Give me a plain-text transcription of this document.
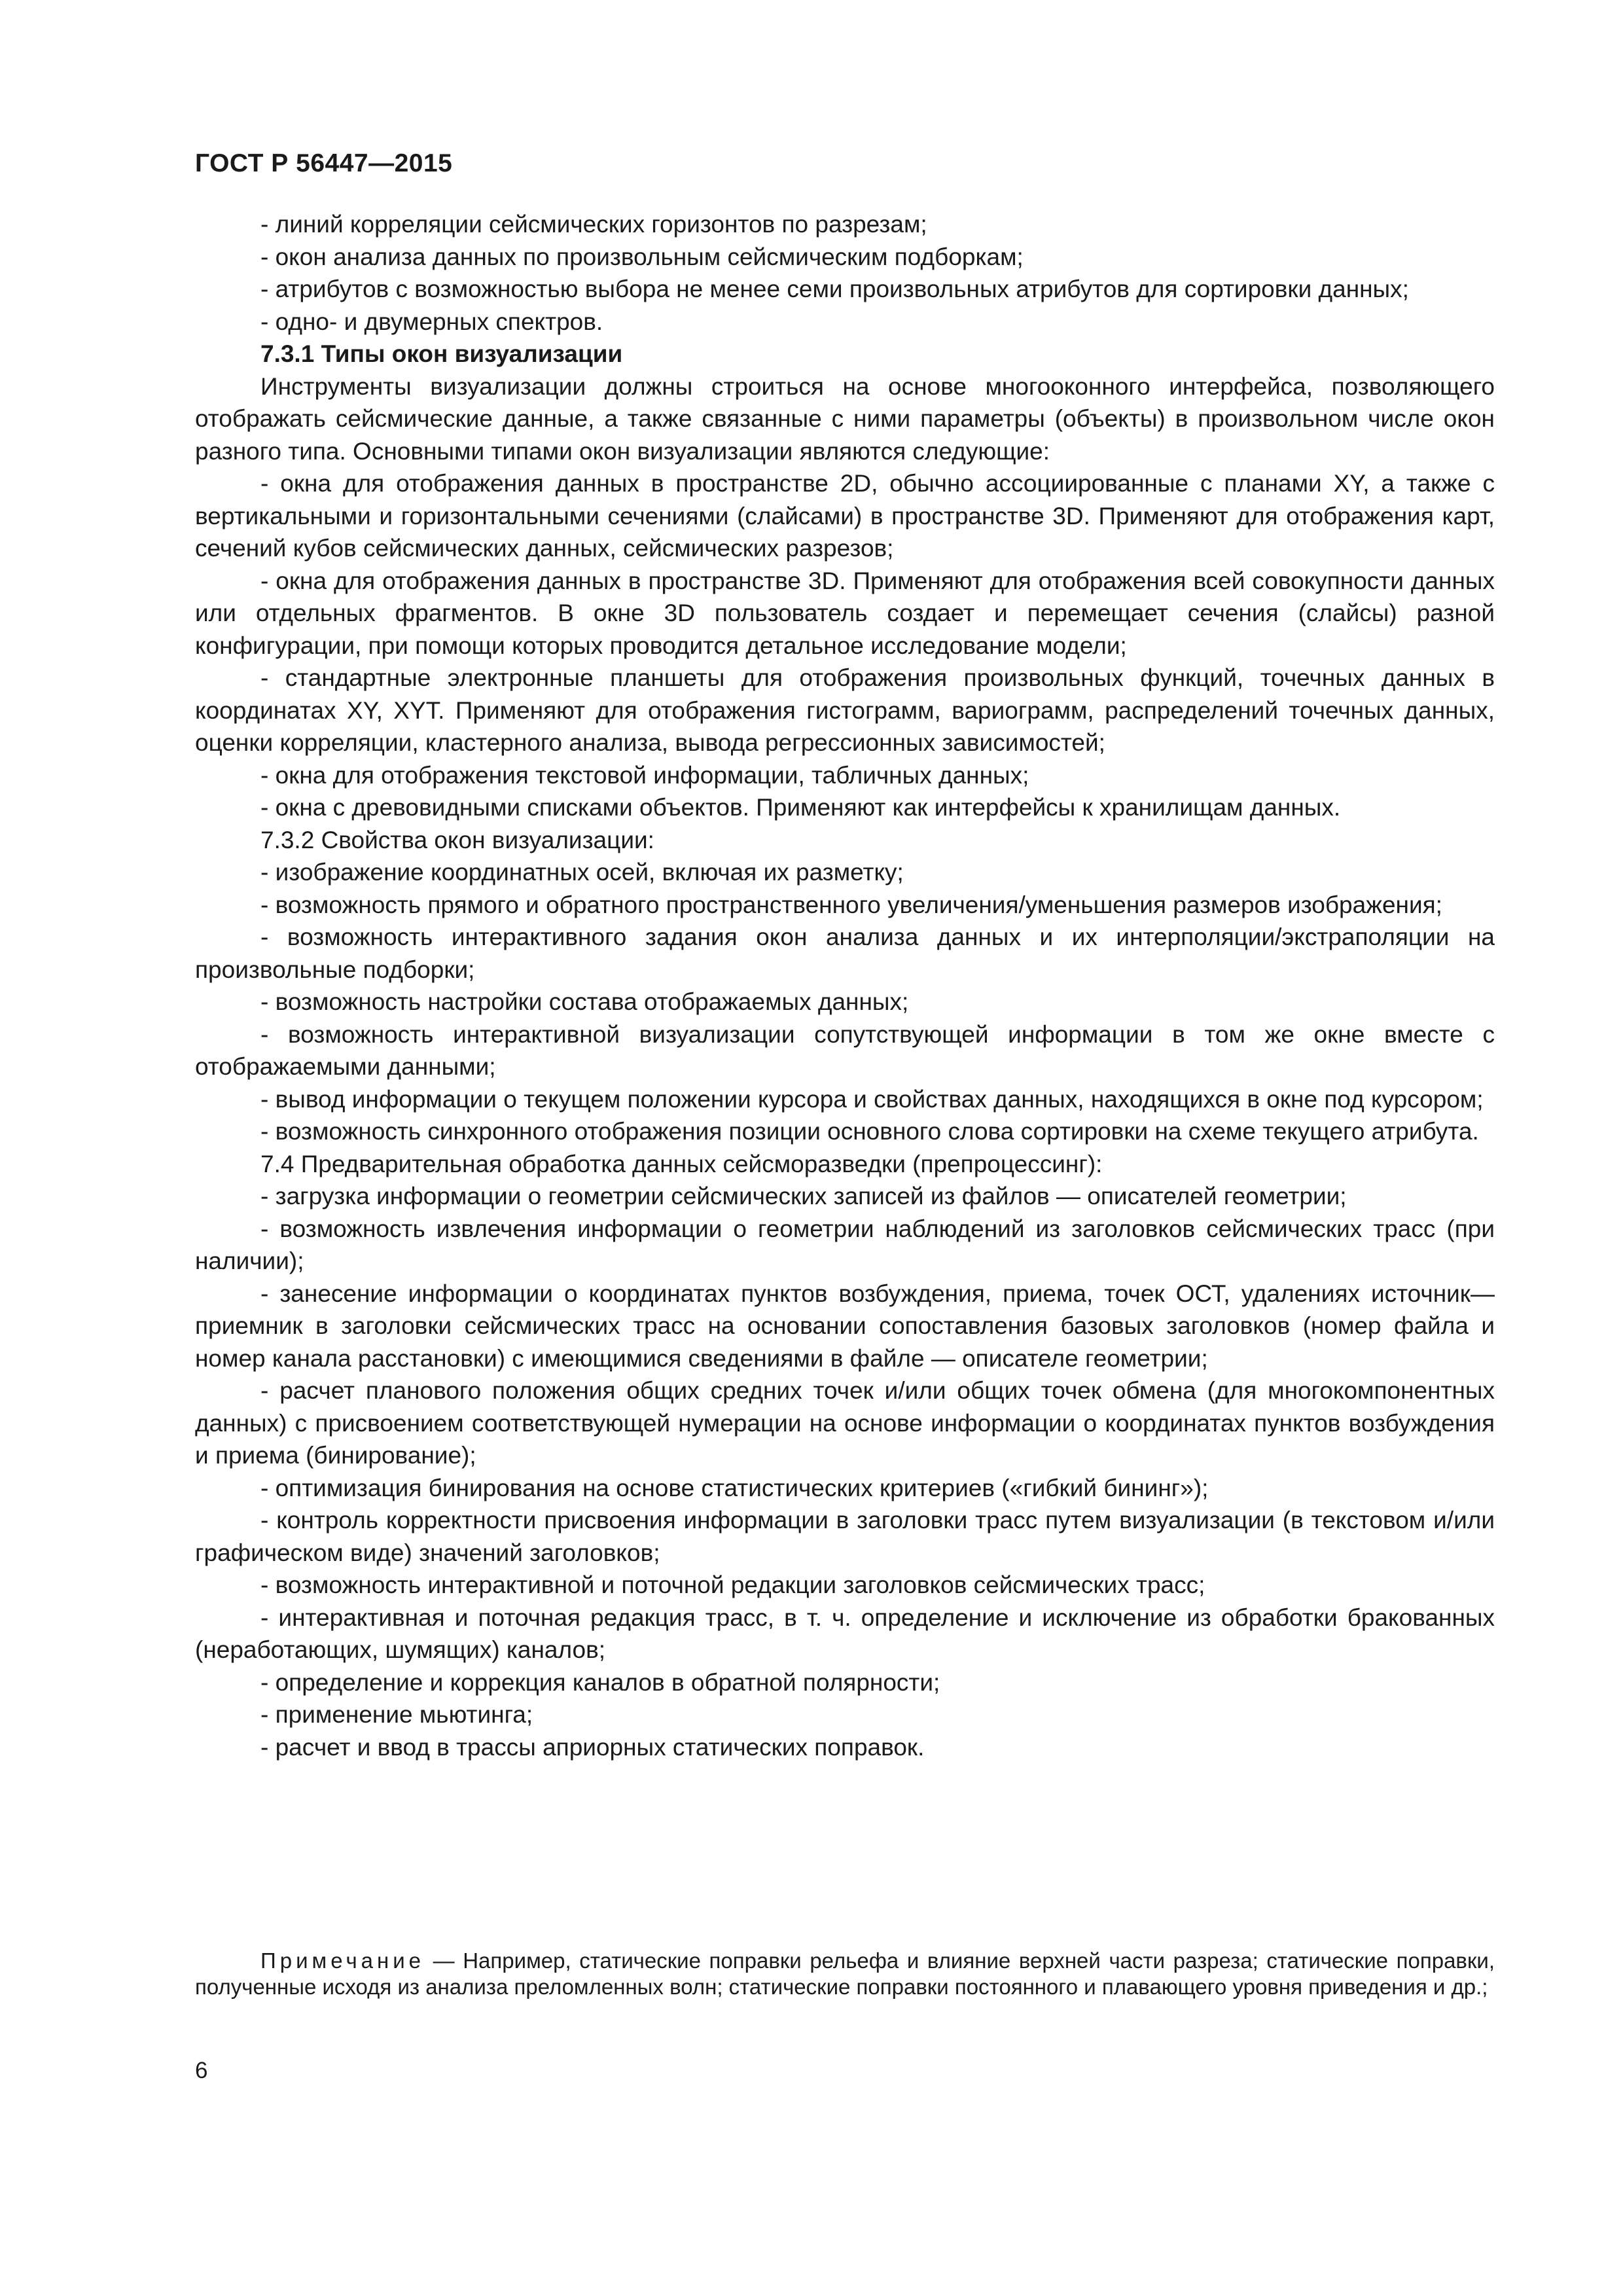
ГОСТ Р 56447—2015

- линий корреляции сейсмических горизонтов по разрезам;

- окон анализа данных по произвольным сейсмическим подборкам;

- атрибутов с возможностью выбора не менее семи произвольных атрибутов для сортировки данных;

- одно- и двумерных спектров.

7.3.1 Типы окон визуализации

Инструменты визуализации должны строиться на основе многооконного интерфейса, позволяющего отображать сейсмические данные, а также связанные с ними параметры (объекты) в произвольном числе окон разного типа. Основными типами окон визуализации являются следующие:

- окна для отображения данных в пространстве 2D, обычно ассоциированные с планами XY, а также с вертикальными и горизонтальными сечениями (слайсами) в пространстве 3D. Применяют для отображения карт, сечений кубов сейсмических данных, сейсмических разрезов;

- окна для отображения данных в пространстве 3D. Применяют для отображения всей совокупности данных или отдельных фрагментов. В окне 3D пользователь создает и перемещает сечения (слайсы) разной конфигурации, при помощи которых проводится детальное исследование модели;

- стандартные электронные планшеты для отображения произвольных функций, точечных данных в координатах XY, XYT. Применяют для отображения гистограмм, вариограмм, распределений точечных данных, оценки корреляции, кластерного анализа, вывода регрессионных зависимостей;

- окна для отображения текстовой информации, табличных данных;

- окна с древовидными списками объектов. Применяют как интерфейсы к хранилищам данных.

7.3.2 Свойства окон визуализации:

- изображение координатных осей, включая их разметку;

- возможность прямого и обратного пространственного увеличения/уменьшения размеров изображения;

- возможность интерактивного задания окон анализа данных и их интерполяции/экстраполяции на произвольные подборки;

- возможность настройки состава отображаемых данных;

- возможность интерактивной визуализации сопутствующей информации в том же окне вместе с отображаемыми данными;

- вывод информации о текущем положении курсора и свойствах данных, находящихся в окне под курсором;

- возможность синхронного отображения позиции основного слова сортировки на схеме текущего атрибута.

7.4 Предварительная обработка данных сейсморазведки (препроцессинг):

- загрузка информации о геометрии сейсмических записей из файлов — описателей геометрии;

- возможность извлечения информации о геометрии наблюдений из заголовков сейсмических трасс (при наличии);

- занесение информации о координатах пунктов возбуждения, приема, точек ОСТ, удалениях источник—приемник в заголовки сейсмических трасс на основании сопоставления базовых заголовков (номер файла и номер канала расстановки) с имеющимися сведениями в файле — описателе геометрии;

- расчет планового положения общих средних точек и/или общих точек обмена (для многокомпонентных данных) с присвоением соответствующей нумерации на основе информации о координатах пунктов возбуждения и приема (бинирование);

- оптимизация бинирования на основе статистических критериев («гибкий бининг»);

- контроль корректности присвоения информации в заголовки трасс путем визуализации (в текстовом и/или графическом виде) значений заголовков;

- возможность интерактивной и поточной редакции заголовков сейсмических трасс;

- интерактивная и поточная редакция трасс, в т. ч. определение и исключение из обработки бракованных (неработающих, шумящих) каналов;

- определение и коррекция каналов в обратной полярности;

- применение мьютинга;

- расчет и ввод в трассы априорных статических поправок.

Примечание — Например, статические поправки рельефа и влияние верхней части разреза; статические поправки, полученные исходя из анализа преломленных волн; статические поправки постоянного и плавающего уровня приведения и др.;
6
